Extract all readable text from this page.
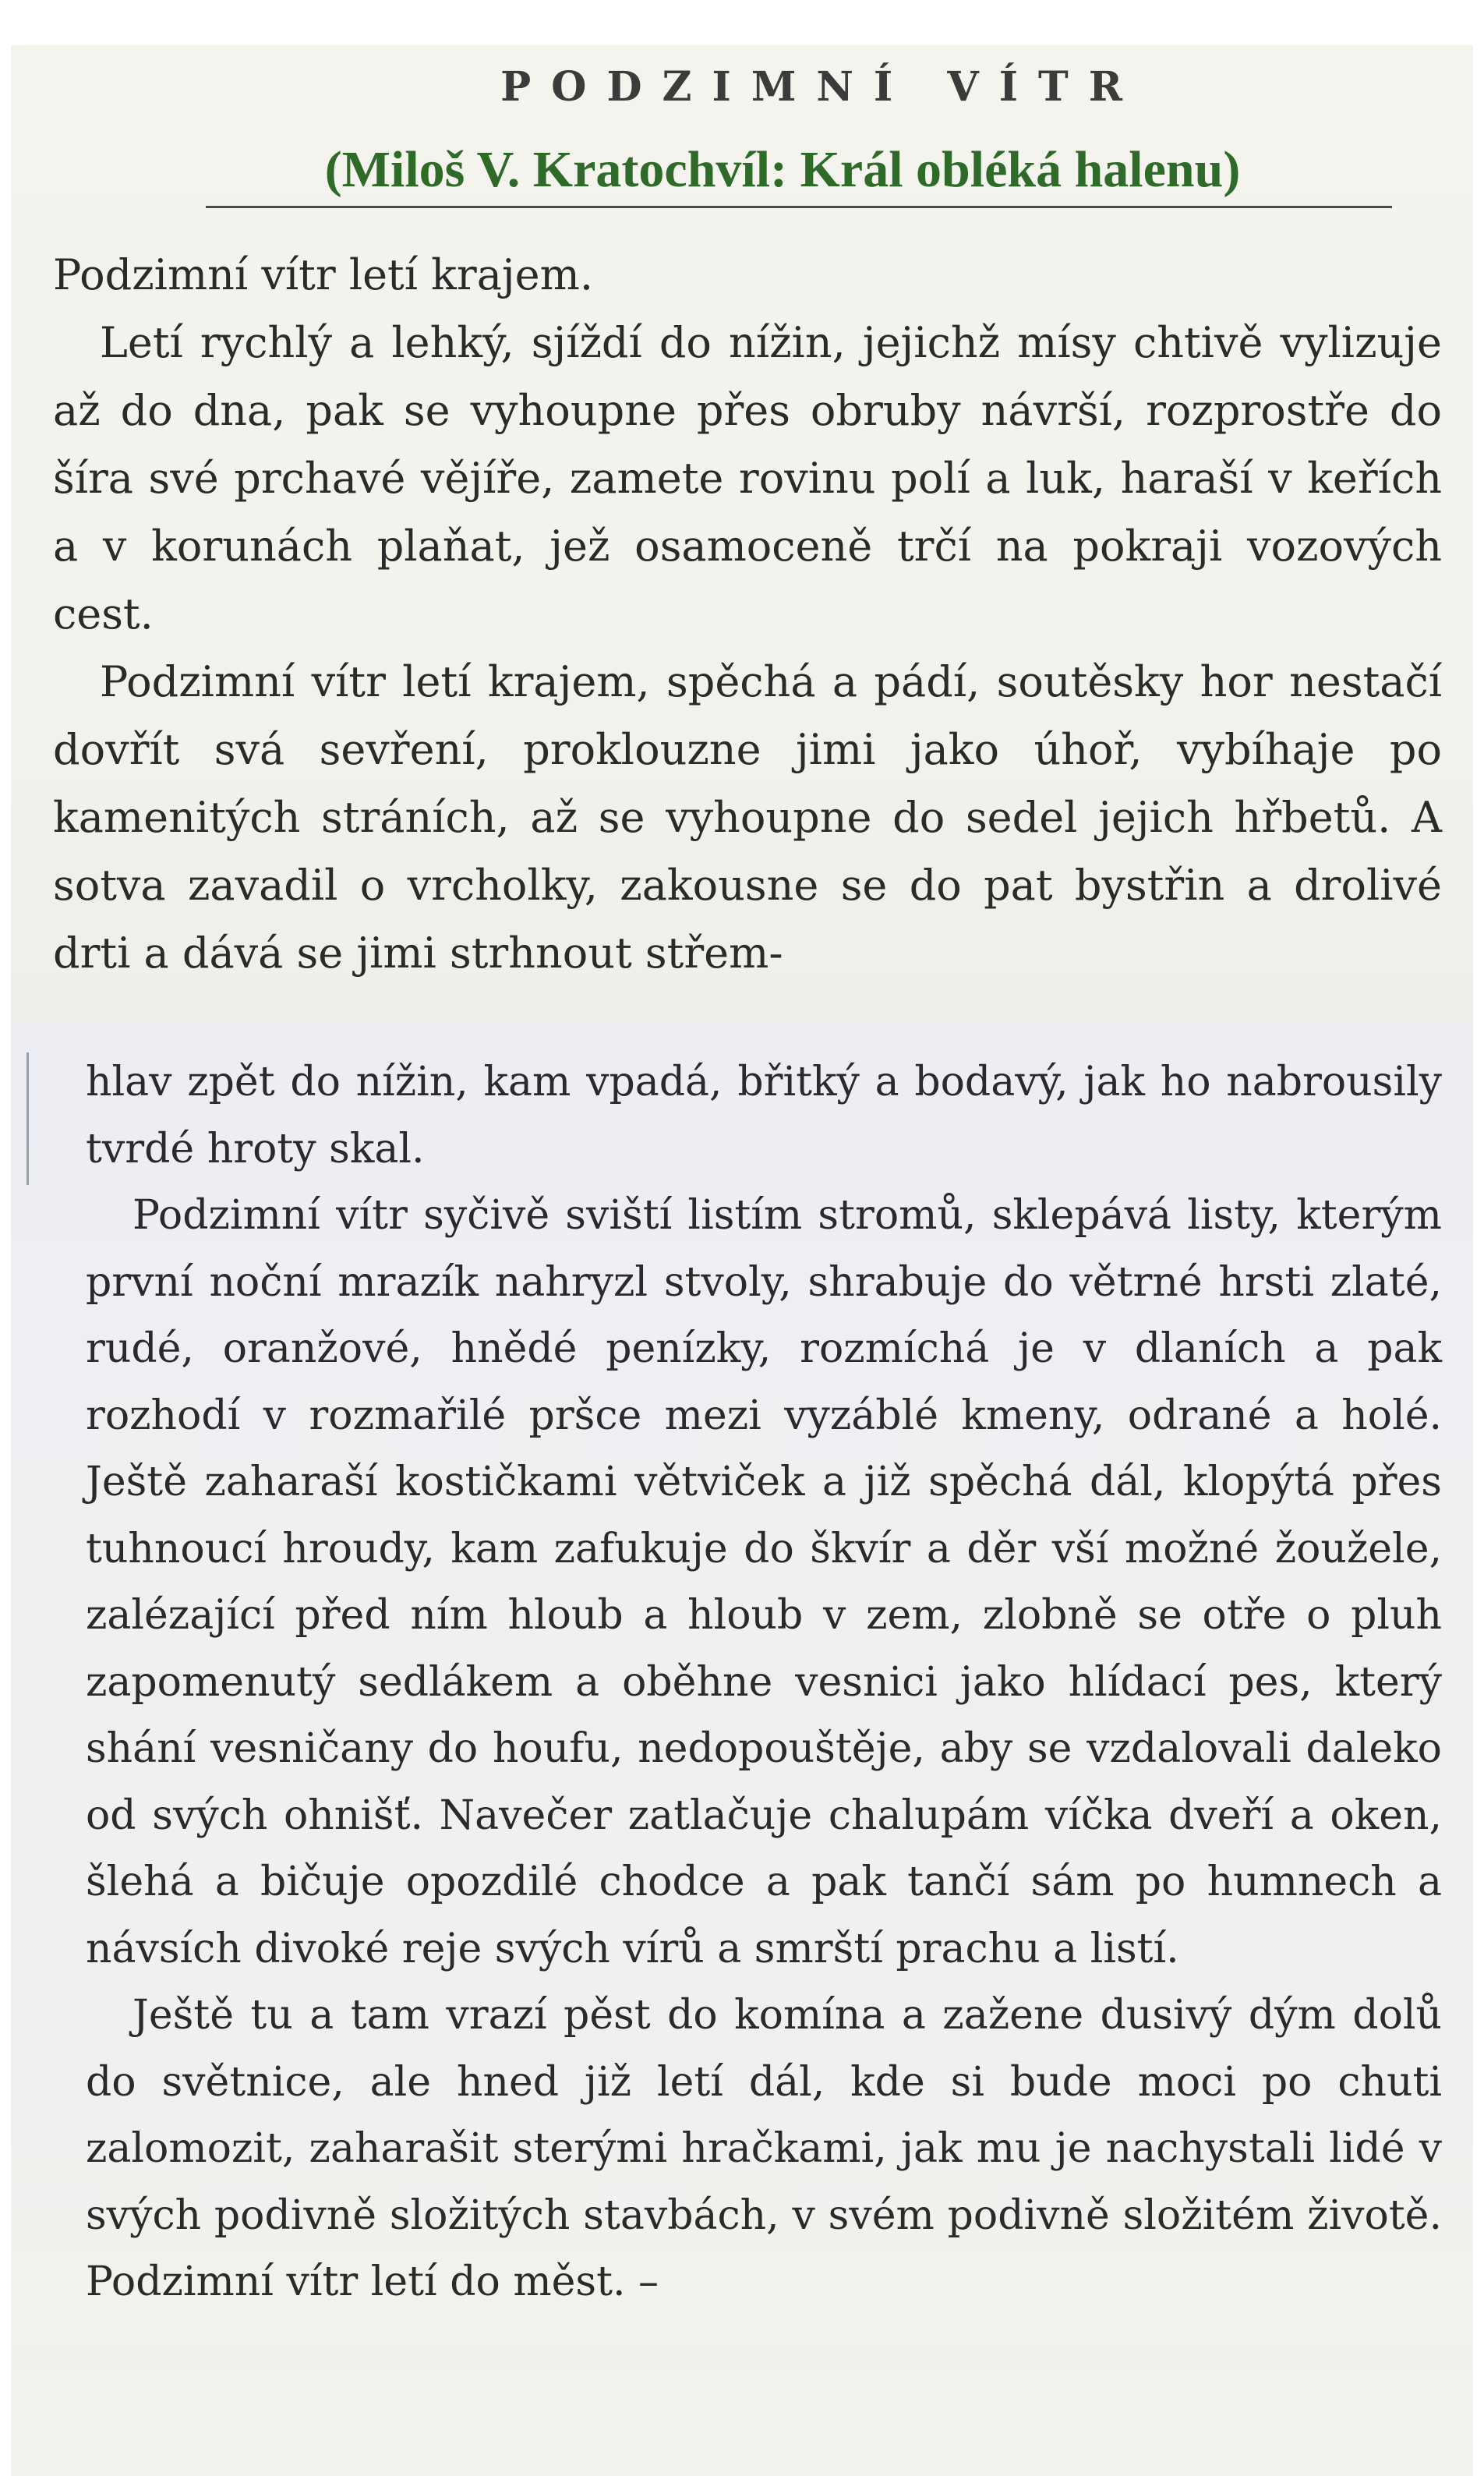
PODZIMNÍ VÍTR
(Miloš V. Kratochvíl: Král obléká halenu)

Podzimní vítr letí krajem.

Letí rychlý a lehký, sjíždí do nížin, jejichž mísy chtivě vylizuje až do dna, pak se vyhoupne přes obruby návrší, rozprostře do šíra své prchavé vějíře, zamete rovinu polí a luk, haraší v keřích a v korunách plaňat, jež osamoceně trčí na pokraji vozových cest.

Podzimní vítr letí krajem, spěchá a pádí, soutěsky hor nestačí dovřít svá sevření, proklouzne jimi jako úhoř, vybíhaje po kamenitých stráních, až se vyhoupne do sedel jejich hřbetů. A sotva zavadil o vrcholky, zakousne se do pat bystřin a drolivé drti a dává se jimi strhnout střem-

hlav zpět do nížin, kam vpadá, břitký a bodavý, jak ho nabrousily tvrdé hroty skal.

Podzimní vítr syčivě sviští listím stromů, sklepává listy, kterým první noční mrazík nahryzl stvoly, shrabuje do větrné hrsti zlaté, rudé, oranžové, hnědé penízky, rozmíchá je v dlaních a pak rozhodí v rozmařilé pršce mezi vyzáblé kmeny, odrané a holé. Ještě zaharaší kostičkami větviček a již spěchá dál, klopýtá přes tuhnoucí hroudy, kam zafukuje do škvír a děr vší možné žouželе, zalézající před ním hloub a hloub v zem, zlobně se otře o pluh zapomenutý sedlákem a oběhne vesnici jako hlídací pes, který shání vesničany do houfu, nedopouštěje, aby se vzdalovali daleko od svých ohnišť. Navečer zatlačuje chalupám víčka dveří a oken, šlehá a bičuje opozdilé chodce a pak tančí sám po humnech a návsích divoké reje svých vírů a smrští prachu a listí.

Ještě tu a tam vrazí pěst do komína a zažene dusivý dým dolů do světnice, ale hned již letí dál, kde si bude moci po chuti zalomozit, zaharašit sterými hračkami, jak mu je nachystali lidé v svých podivně složitých stavbách, v svém podivně složitém životě. Podzimní vítr letí do měst. –
